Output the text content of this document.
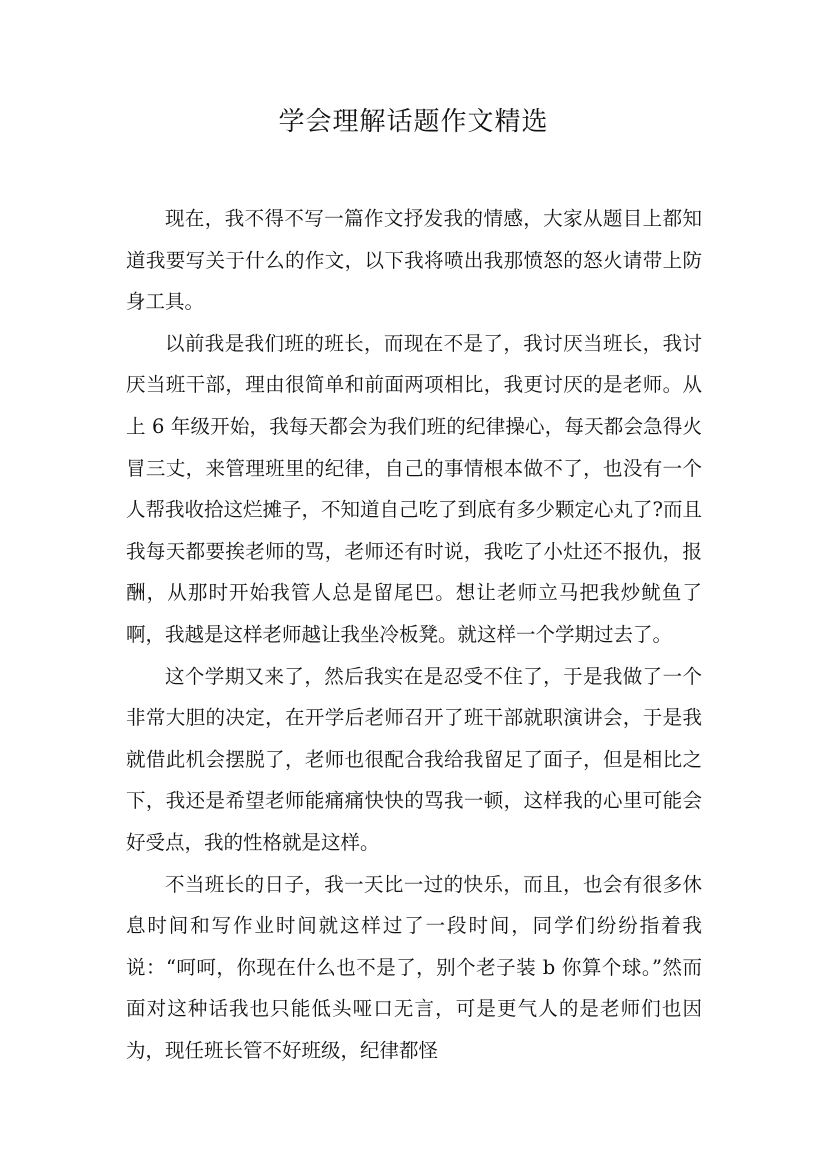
学会理解话题作文精选

现在，我不得不写一篇作文抒发我的情感，大家从题目上都知道我要写关于什么的作文，以下我将喷出我那愤怒的怒火请带上防身工具。

以前我是我们班的班长，而现在不是了，我讨厌当班长，我讨厌当班干部，理由很简单和前面两项相比，我更讨厌的是老师。从上 6 年级开始，我每天都会为我们班的纪律操心，每天都会急得火冒三丈，来管理班里的纪律，自己的事情根本做不了，也没有一个人帮我收拾这烂摊子，不知道自己吃了到底有多少颗定心丸了?而且我每天都要挨老师的骂，老师还有时说，我吃了小灶还不报仇，报酬，从那时开始我管人总是留尾巴。想让老师立马把我炒鱿鱼了啊，我越是这样老师越让我坐冷板凳。就这样一个学期过去了。

这个学期又来了，然后我实在是忍受不住了，于是我做了一个非常大胆的决定，在开学后老师召开了班干部就职演讲会，于是我就借此机会摆脱了，老师也很配合我给我留足了面子，但是相比之下，我还是希望老师能痛痛快快的骂我一顿，这样我的心里可能会好受点，我的性格就是这样。

不当班长的日子，我一天比一过的快乐，而且，也会有很多休息时间和写作业时间就这样过了一段时间，同学们纷纷指着我说：“呵呵，你现在什么也不是了，别个老子装 b 你算个球。”然而面对这种话我也只能低头哑口无言，可是更气人的是老师们也因为，现任班长管不好班级，纪律都怪
